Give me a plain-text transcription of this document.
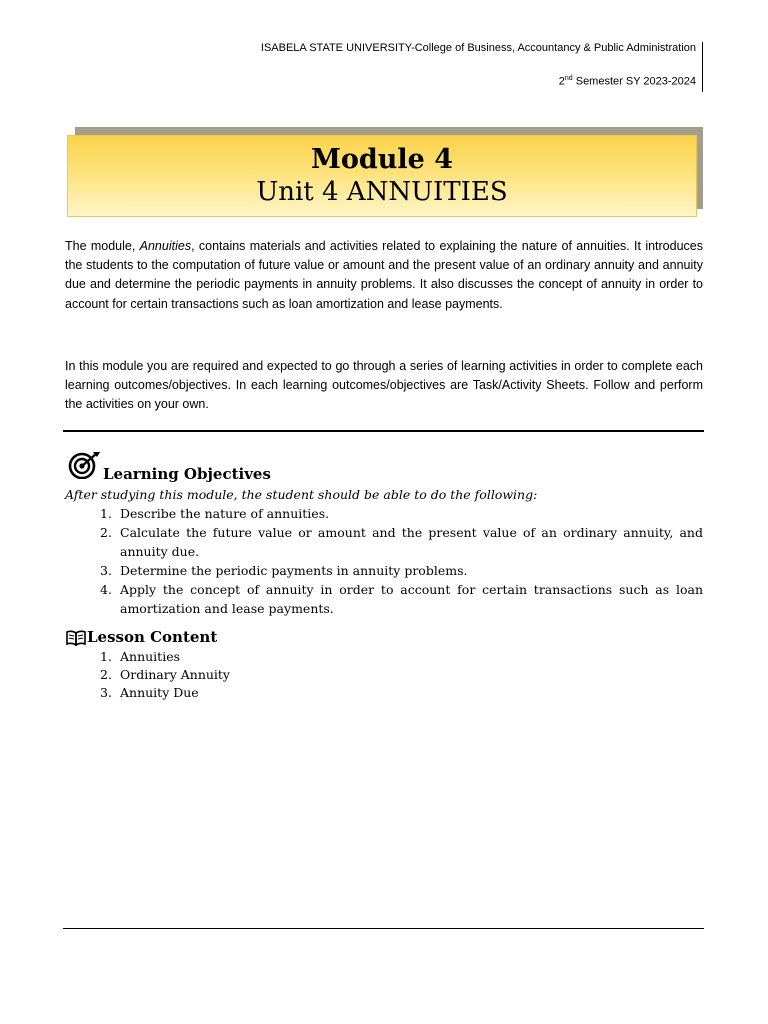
ISABELA STATE UNIVERSITY-College of Business, Accountancy & Public Administration
2nd Semester SY 2023-2024
Module 4
Unit 4 ANNUITIES
The module, Annuities, contains materials and activities related to explaining the nature of annuities. It introduces the students to the computation of future value or amount and the present value of an ordinary annuity and annuity due and determine the periodic payments in annuity problems. It also discusses the concept of annuity in order to account for certain transactions such as loan amortization and lease payments.
In this module you are required and expected to go through a series of learning activities in order to complete each learning outcomes/objectives. In each learning outcomes/objectives are Task/Activity Sheets. Follow and perform the activities on your own.
Learning Objectives
After studying this module, the student should be able to do the following:
1. Describe the nature of annuities.
2. Calculate the future value or amount and the present value of an ordinary annuity, and annuity due.
3. Determine the periodic payments in annuity problems.
4. Apply the concept of annuity in order to account for certain transactions such as loan amortization and lease payments.
Lesson Content
1. Annuities
2. Ordinary Annuity
3. Annuity Due
